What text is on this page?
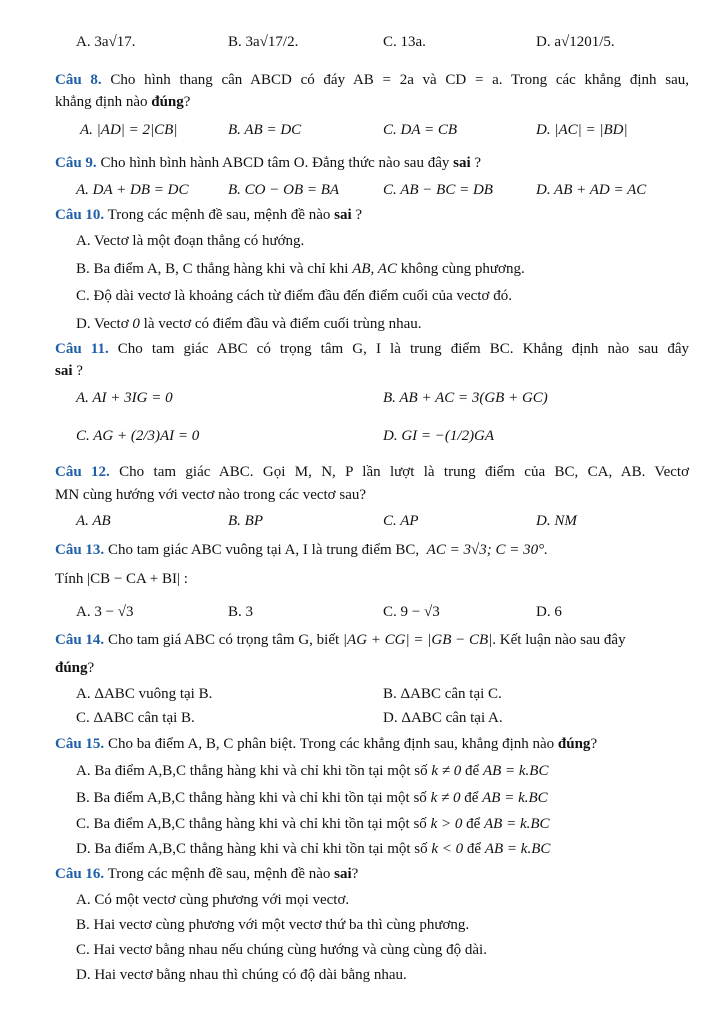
A. 3a√17.	B. 3a√17/2.	C. 13a.	D. a√1201/5.
Câu 8. Cho hình thang cân ABCD có đáy AB = 2a và CD = a. Trong các khẳng định sau,
khẳng định nào đúng?
A. |AD| = 2|CB|	B. AB = DC	C. DA = CB	D. |AC| = |BD|
Câu 9. Cho hình bình hành ABCD tâm O. Đẳng thức nào sau đây sai ?
A. DA + DB = DC	B. CO − OB = BA	C. AB − BC = DB	D. AB + AD = AC
Câu 10. Trong các mệnh đề sau, mệnh đề nào sai ?
A. Vectơ là một đoạn thẳng có hướng.
B. Ba điểm A, B, C thẳng hàng khi và chỉ khi AB, AC không cùng phương.
C. Độ dài vectơ là khoảng cách từ điểm đầu đến điểm cuối của vectơ đó.
D. Vectơ 0 là vectơ có điểm đầu và điểm cuối trùng nhau.
Câu 11. Cho tam giác ABC có trọng tâm G, I là trung điểm BC. Khẳng định nào sau đây
sai ?
A. AI + 3IG = 0	B. AB + AC = 3(GB + GC)
C. AG + (2/3)AI = 0	D. GI = −(1/2)GA
Câu 12. Cho tam giác ABC. Gọi M, N, P lần lượt là trung điểm của BC, CA, AB. Vectơ
MN cùng hướng với vectơ nào trong các vectơ sau?
A. AB	B. BP	C. AP	D. NM
Câu 13. Cho tam giác ABC vuông tại A, I là trung điểm BC, AC = 3√3; C = 30°.
Tính |CB − CA + BI| :
A. 3 − √3	B. 3	C. 9 − √3	D. 6
Câu 14. Cho tam giá ABC có trọng tâm G, biết |AG + CG| = |GB − CB|. Kết luận nào sau đây
đúng?
A. ΔABC vuông tại B.	B. ΔABC cân tại C.
C. ΔABC cân tại B.	D. ΔABC cân tại A.
Câu 15. Cho ba điểm A, B, C phân biệt. Trong các khẳng định sau, khẳng định nào đúng?
A. Ba điểm A,B,C thẳng hàng khi và chỉ khi tồn tại một số k ≠ 0 để AB = k.BC
B. Ba điểm A,B,C thẳng hàng khi và chỉ khi tồn tại một số k ≠ 0 để AB = k.BC
C. Ba điểm A,B,C thẳng hàng khi và chỉ khi tồn tại một số k > 0 để AB = k.BC
D. Ba điểm A,B,C thẳng hàng khi và chỉ khi tồn tại một số k < 0 để AB = k.BC
Câu 16. Trong các mệnh đề sau, mệnh đề nào sai?
A. Có một vectơ cùng phương với mọi vectơ.
B. Hai vectơ cùng phương với một vectơ thứ ba thì cùng phương.
C. Hai vectơ bằng nhau nếu chúng cùng hướng và cùng cùng độ dài.
D. Hai vectơ bằng nhau thì chúng có độ dài bằng nhau.
